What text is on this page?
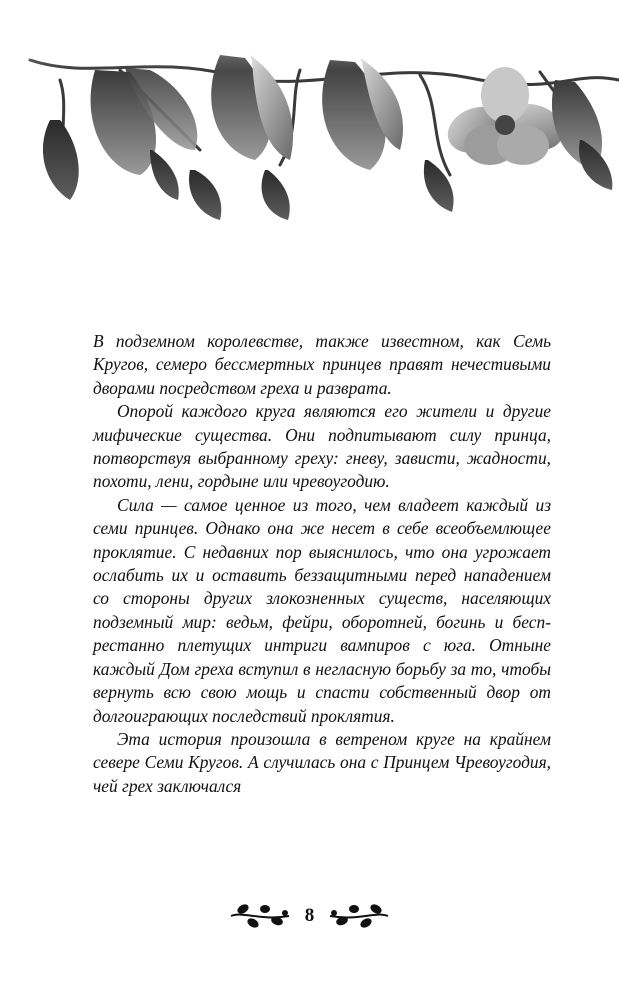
В подземном королевстве, также известном, как Семь Кругов, семеро бессмертных принцев правят нечестивыми дворами посредством греха и разврата.

Опорой каждого круга являются его жители и другие мифические существа. Они подпитывают силу принца, потворствуя выбранному греху: гневу, зависти, жадности, похоти, лени, гордыне или чревоугодию.

Сила — самое ценное из того, чем владеет каждый из семи принцев. Однако она же несет в себе всеобъемлющее проклятие. С недавних пор выяснилось, что она угрожает ослабить их и оставить беззащитными перед нападением со стороны других злокозненных существ, населяющих подземный мир: ведьм, фейри, оборотней, богинь и беспрестанно плетущих интриги вампиров с юга. Отныне каждый Дом греха вступил в негласную борьбу за то, чтобы вернуть всю свою мощь и спасти собственный двор от долгоиграющих последствий проклятия.

Эта история произошла в ветреном круге на крайнем севере Семи Кругов. А случилась она с Принцем Чревоугодия, чей грех заключался

8
